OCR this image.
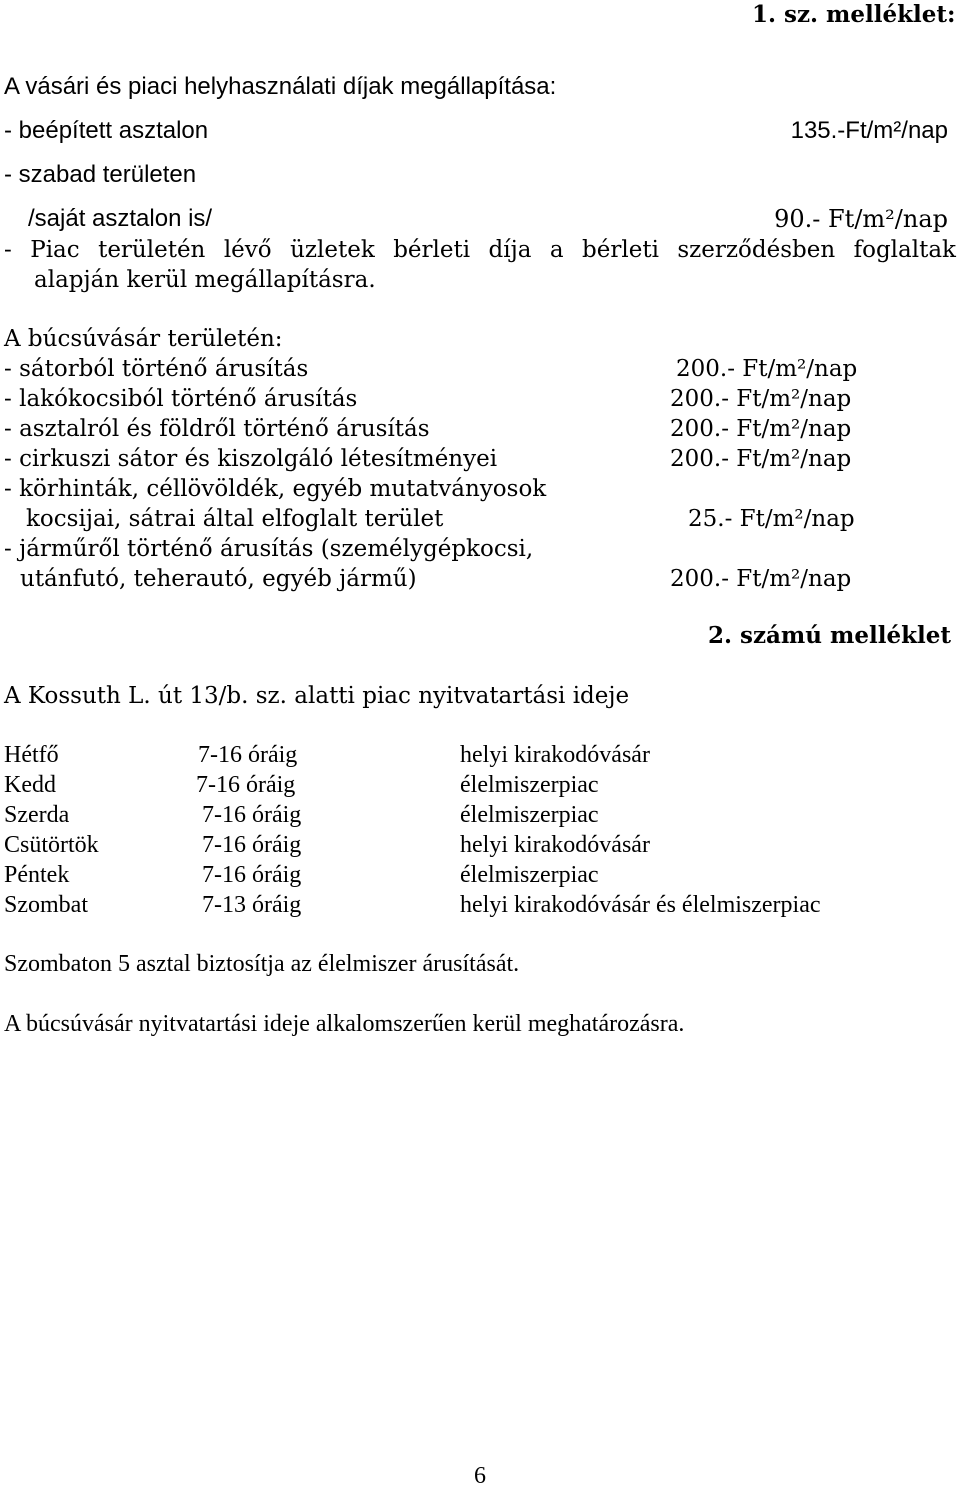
1. sz. melléklet:
A vásári és piaci helyhasználati díjak megállapítása:
- beépített asztalon	135.-Ft/m²/nap
- szabad területen
/saját asztalon is/	90.- Ft/m²/nap
- Piac területén lévő üzletek bérleti díja a bérleti szerződésben foglaltak
alapján kerül megállapításra.
A búcsúvásár területén:
- sátorból történő árusítás	200.- Ft/m²/nap
- lakókocsiból történő árusítás	200.- Ft/m²/nap
- asztalról és földről történő árusítás	200.- Ft/m²/nap
- cirkuszi sátor és kiszolgáló létesítményei	200.- Ft/m²/nap
- körhinták, céllövöldék, egyéb mutatványosok
kocsijai, sátrai által elfoglalt terület	25.- Ft/m²/nap
- járműről történő árusítás (személygépkocsi,
utánfutó, teherautó, egyéb jármű)	200.- Ft/m²/nap
2. számú melléklet
A Kossuth L. út 13/b. sz. alatti piac nyitvatartási ideje
Hétfő	7-16 óráig	helyi kirakodóvásár
Kedd	7-16 óráig	élelmiszerpiac
Szerda	7-16 óráig	élelmiszerpiac
Csütörtök	7-16 óráig	helyi kirakodóvásár
Péntek	7-16 óráig	élelmiszerpiac
Szombat	7-13 óráig	helyi kirakodóvásár és élelmiszerpiac
Szombaton 5 asztal biztosítja az élelmiszer árusítását.
A búcsúvásár nyitvatartási ideje alkalomszerűen kerül meghatározásra.
6
